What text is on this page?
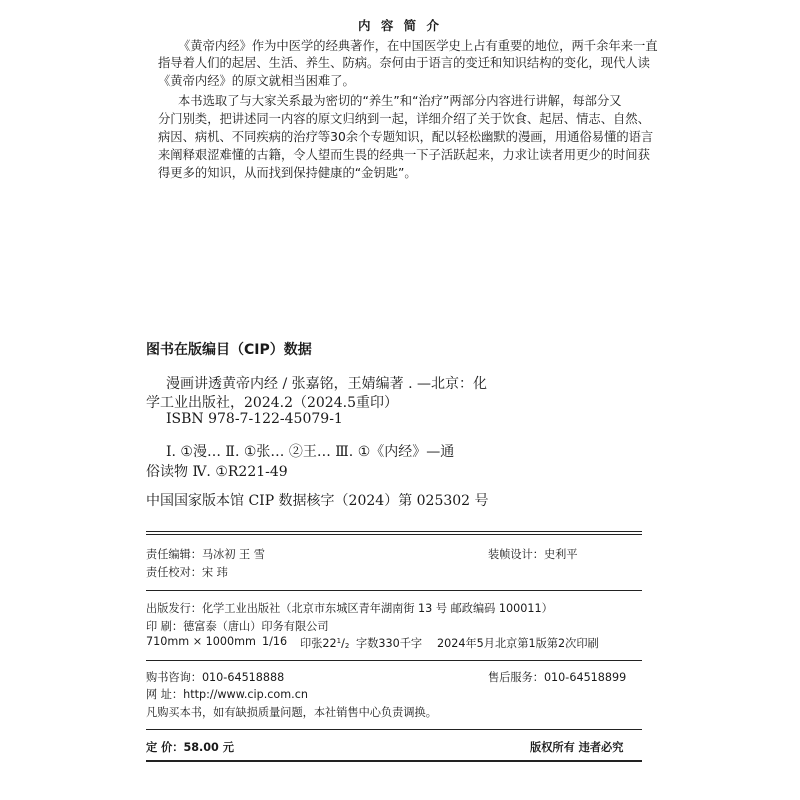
内 容 简 介
《黄帝内经》作为中医学的经典著作，在中国医学史上占有重要的地位，两千余年来一直
指导着人们的起居、生活、养生、防病。奈何由于语言的变迁和知识结构的变化，现代人读
《黄帝内经》的原文就相当困难了。
本书选取了与大家关系最为密切的“养生”和“治疗”两部分内容进行讲解，每部分又
分门别类，把讲述同一内容的原文归纳到一起，详细介绍了关于饮食、起居、情志、自然、
病因、病机、不同疾病的治疗等30余个专题知识，配以轻松幽默的漫画，用通俗易懂的语言
来阐释艰涩难懂的古籍，令人望而生畏的经典一下子活跃起来，力求让读者用更少的时间获
得更多的知识，从而找到保持健康的“金钥匙”。
图书在版编目（CIP）数据
漫画讲透黄帝内经 / 张嘉铭，王婧编著 . —北京：化
学工业出版社，2024.2（2024.5重印）
ISBN 978-7-122-45079-1
Ⅰ. ①漫… Ⅱ. ①张… ②王… Ⅲ. ①《内经》—通
俗读物 Ⅳ. ①R221-49
中国国家版本馆 CIP 数据核字（2024）第 025302 号
责任编辑：马冰初 王 雪	装帧设计：史利平
责任校对：宋 玮
出版发行：化学工业出版社（北京市东城区青年湖南街 13 号 邮政编码 100011）
印 刷：德富泰（唐山）印务有限公司
710mm × 1000mm 1/16 印张$22^1/_2$ 字数330千字 2024年5月北京第1版第2次印刷
购书咨询：010-64518888	售后服务：010-64518899
网 址：http://www.cip.com.cn
凡购买本书，如有缺损质量问题，本社销售中心负责调换。
定 价：58.00 元	版权所有 违者必究
